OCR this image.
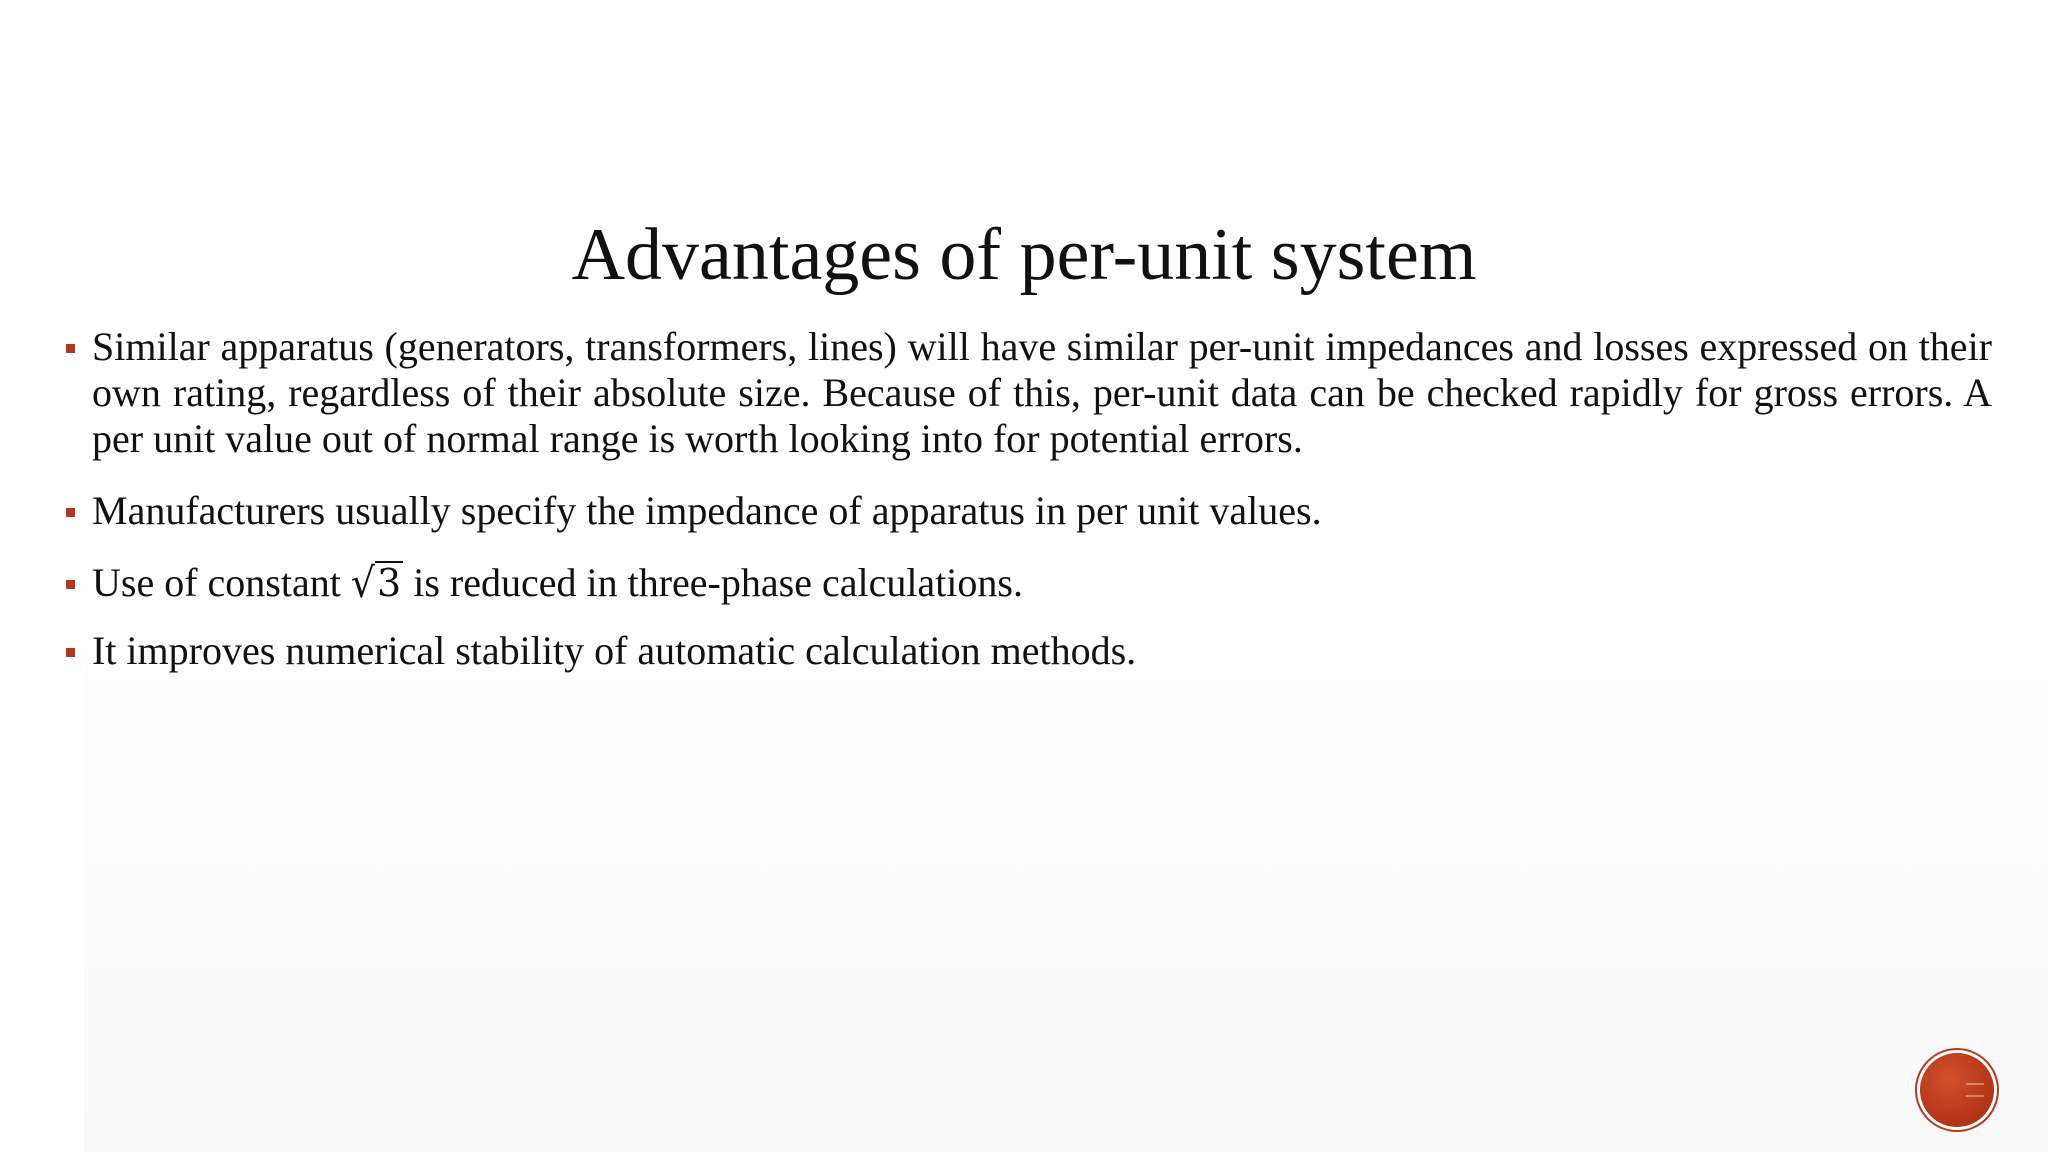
Advantages of per-unit system
Similar apparatus (generators, transformers, lines) will have similar per-unit impedances and losses expressed on their own rating, regardless of their absolute size. Because of this, per-unit data can be checked rapidly for gross errors. A per unit value out of normal range is worth looking into for potential errors.
Manufacturers usually specify the impedance of apparatus in per unit values.
Use of constant √3 is reduced in three-phase calculations.
It improves numerical stability of automatic calculation methods.
